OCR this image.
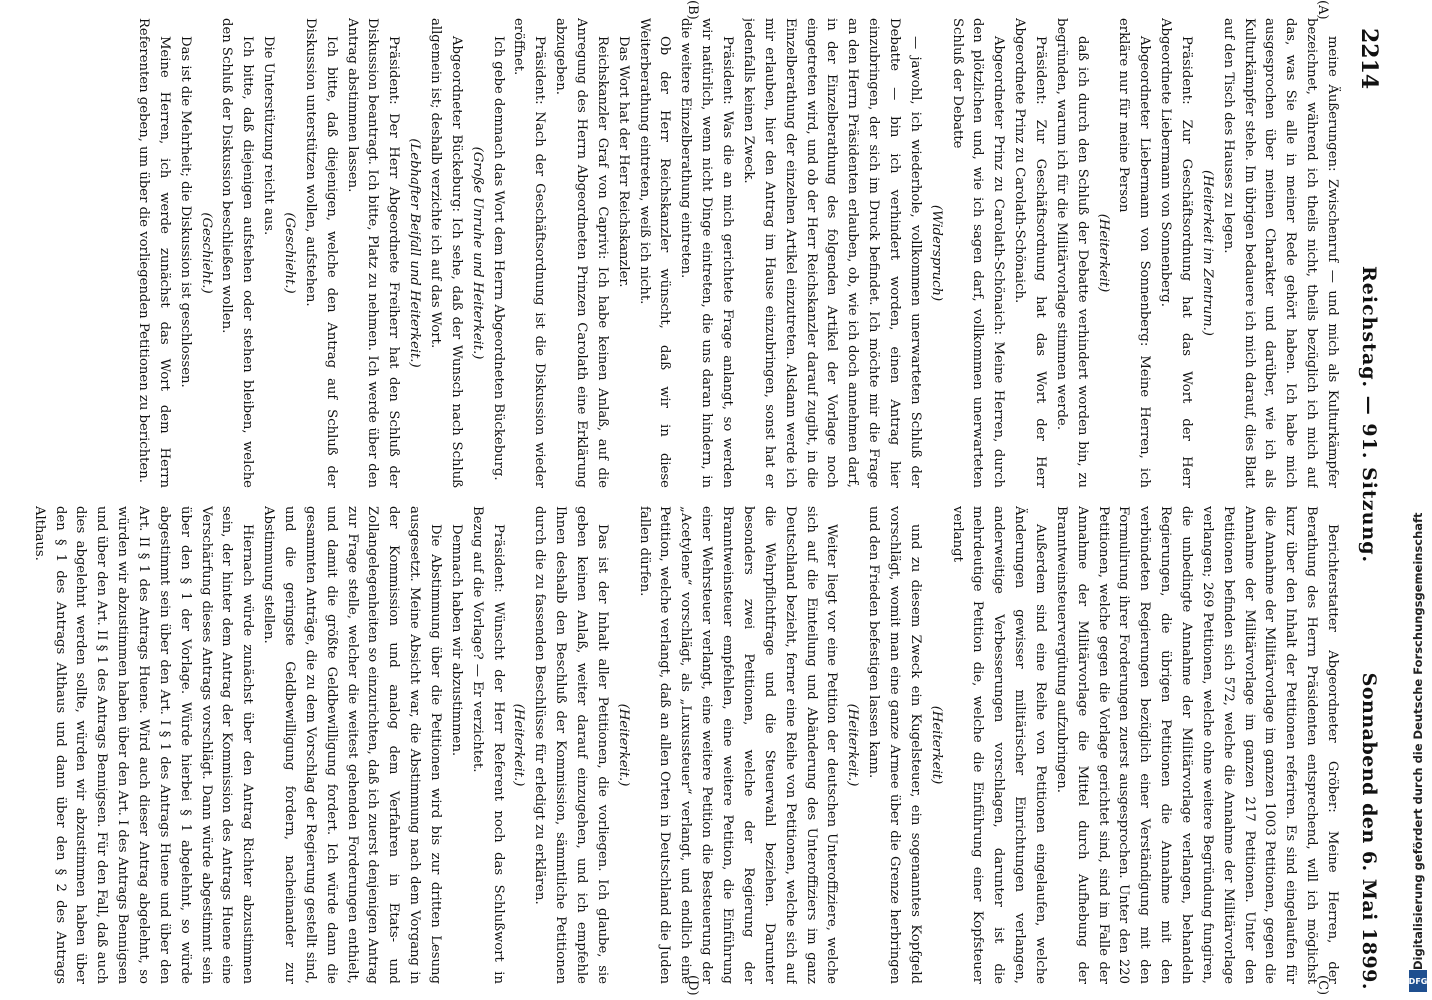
2214
Reichstag. — 91. Sitzung.
Sonnabend den 6. Mai 1899.
(A)
(B)
(C)
(D)

meine Äußerungen: Zwischenruf — und mich als Kulturkämpfer bezeichnet, während ich theils nicht, theils bezüglich ich mich auf das, was Sie alle in meiner Rede gehört haben. Ich habe mich ausgesprochen über meinen Charakter und darüber, wie ich als Kulturkämpfer stehe. Im übrigen bedauere ich mich darauf, dies Blatt auf den Tisch des Hauses zu legen.

(Heiterkeit im Zentrum.)

Präsident: Zur Geschäftsordnung hat das Wort der Herr Abgeordnete Liebermann von Sonnenberg.

Abgeordneter Liebermann von Sonnenberg: Meine Herren, ich erkläre nur für meine Person

(Heiterkeit)

daß ich durch den Schluß der Debatte verhindert worden bin, zu begründen, warum ich für die Militärvorlage stimmen werde.

Präsident: Zur Geschäftsordnung hat das Wort der Herr Abgeordnete Prinz zu Carolath-Schönaich.

Abgeordneter Prinz zu Carolath-Schönaich: Meine Herren, durch den plötzlichen und, wie ich sagen darf, vollkommen unerwarteten Schluß der Debatte

(Widerspruch)

— jawohl, ich wiederhole, vollkommen unerwarteten Schluß der Debatte — bin ich verhindert worden, einen Antrag hier einzubringen, der sich im Druck befindet. Ich möchte mir die Frage an den Herrn Präsidenten erlauben, ob, wie ich doch annehmen darf, in der Einzelberathung des folgenden Artikel der Vorlage noch eingetreten wird, und ob der Herr Reichskanzler darauf zugibt, in die Einzelberathung der einzelnen Artikel einzutreten. Alsdann werde ich mir erlauben, hier den Antrag im Hause einzubringen, sonst hat er jedenfalls keinen Zweck.

Präsident: Was die an mich gerichtete Frage anlangt, so werden wir natürlich, wenn nicht Dinge eintreten, die uns daran hindern, in die weitere Einzelberathung eintreten.

Ob der Herr Reichskanzler wünscht, daß wir in diese Weiterberathung eintreten, weiß ich nicht.

Das Wort hat der Herr Reichskanzler.

Reichskanzler Graf von Caprivi: Ich habe keinen Anlaß, auf die Anregung des Herrn Abgeordneten Prinzen Carolath eine Erklärung abzugeben.

Präsident: Nach der Geschäftsordnung ist die Diskussion wieder eröffnet.

Ich gebe demnach das Wort dem Herrn Abgeordneten Bückeburg.

(Große Unruhe und Heiterkeit.)

Abgeordneter Bückeburg: Ich sehe, daß der Wunsch nach Schluß allgemein ist; deshalb verzichte ich auf das Wort.

(Lebhafter Beifall und Heiterkeit.)

Präsident: Der Herr Abgeordnete Freiherr hat den Schluß der Diskussion beantragt. Ich bitte, Platz zu nehmen. Ich werde über den Antrag abstimmen lassen.

Ich bitte, daß diejenigen, welche den Antrag auf Schluß der Diskussion unterstützen wollen, aufstehen.

(Geschieht.)

Die Unterstützung reicht aus.

Ich bitte, daß diejenigen aufstehen oder stehen bleiben, welche den Schluß der Diskussion beschließen wollen.

(Geschieht.)

Das ist die Mehrheit; die Diskussion ist geschlossen.

Meine Herren, ich werde zunächst das Wort dem Herrn Referenten geben, um über die vorliegenden Petitionen zu berichten.

Berichterstatter Abgeordneter Gröber: Meine Herren, der Berathung des Herrn Präsidenten entsprechend, will ich möglichst kurz über den Inhalt der Petitionen referiren. Es sind eingelaufen für die Annahme der Militärvorlage im ganzen 1003 Petitionen, gegen die Annahme der Militärvorlage im ganzen 217 Petitionen. Unter den Petitionen befinden sich 572, welche die Annahme der Militärvorlage verlangen; 269 Petitionen, welche ohne weitere Begründung fungiren, die unbedingte Annahme der Militärvorlage verlangen, behandeln Regierungen, die übrigen Petitionen die Annahme mit den verbündeten Regierungen bezüglich einer Verständigung mit den Formulirung ihrer Forderungen zuerst ausgesprochen. Unter den 220 Petitionen, welche gegen die Vorlage gerichtet sind, sind im Falle der Annahme der Militärvorlage die Mittel durch Aufhebung der Branntweinsteuervergütung aufzubringen.

Außerdem sind eine Reihe von Petitionen eingelaufen, welche Änderungen gewisser militärischer Einrichtungen verlangen, anderweitige Verbesserungen vorschlagen, darunter ist die mehrdeutige Petition die, welche die Einführung einer Kopfsteuer verlangt

(Heiterkeit)

und zu diesem Zweck ein Kugelsteuer, ein sogenanntes Kopfgeld vorschlägt, womit man eine ganze Armee über die Grenze herbringen und den Frieden befestigen lassen kann.

(Heiterkeit.)

Weiter liegt vor eine Petition der deutschen Unteroffiziere, welche sich auf die Einteilung und Abänderung des Unteroffiziers im ganz Deutschland bezieht, ferner eine Reihe von Petitionen, welche sich auf die Wehrpflichtfrage und die Steuerwahl beziehen. Darunter besonders zwei Petitionen, welche der Regierung der Branntweinsteuer empfehlen, eine weitere Petition, die Einführung einer Wehrsteuer verlangt, eine weitere Petition die Besteuerung der „Acetylene“ vorschlägt, als „Luxussteuer“ verlangt, und endlich eine Petition, welche verlangt, daß an allen Orten in Deutschland die Juden fallen dürfen.

(Heiterkeit.)

Das ist der Inhalt aller Petitionen, die vorliegen. Ich glaube, sie geben keinen Anlaß, weiter darauf einzugehen, und ich empfehle Ihnen deshalb den Beschluß der Kommission, sämmtliche Petitionen durch die zu fassenden Beschlüsse für erledigt zu erklären.

(Heiterkeit.)

Präsident: Wünscht der Herr Referent noch das Schlußwort in Bezug auf die Vorlage? — Er verzichtet.

Demnach haben wir abzustimmen.

Die Abstimmung über die Petitionen wird bis zur dritten Lesung ausgesetzt. Meine Absicht war, die Abstimmung nach dem Vorgang in der Kommission und analog dem Verfahren in Etats- und Zollangelegenheiten so einzurichten, daß ich zuerst denjenigen Antrag zur Frage stelle, welcher die weitest gehenden Forderungen enthielt, und damit die größte Geldbewilligung fordert. Ich würde dann die gesammten Anträge, die zu dem Vorschlag der Regierung gestellt sind, und die geringste Geldbewilligung fordern, nacheinander zur Abstimmung stellen.

Hiernach würde zunächst über den Antrag Richter abzustimmen sein, der hinter dem Antrag der Kommission des Antrags Huene eine Verschärfung dieses Antrags vorschlägt. Dann würde abgestimmt sein über den § 1 der Vorlage. Würde hierbei § 1 abgelehnt, so würde abgestimmt sein über den Art. I § 1 des Antrags Huene und über den Art. II § 1 des Antrags Huene. Wird auch dieser Antrag abgelehnt, so würden wir abzustimmen haben über den Art. I des Antrags Bennigsen und über den Art. II § 1 des Antrags Bennigsen. Für den Fall, daß auch dies abgelehnt werden sollte, würden wir abzustimmen haben über den § 1 des Antrags Althaus und dann über den § 2 des Antrags Althaus.	Digitalisierung gefördert durch die Deutsche Forschungsgemeinschaft
DFG
